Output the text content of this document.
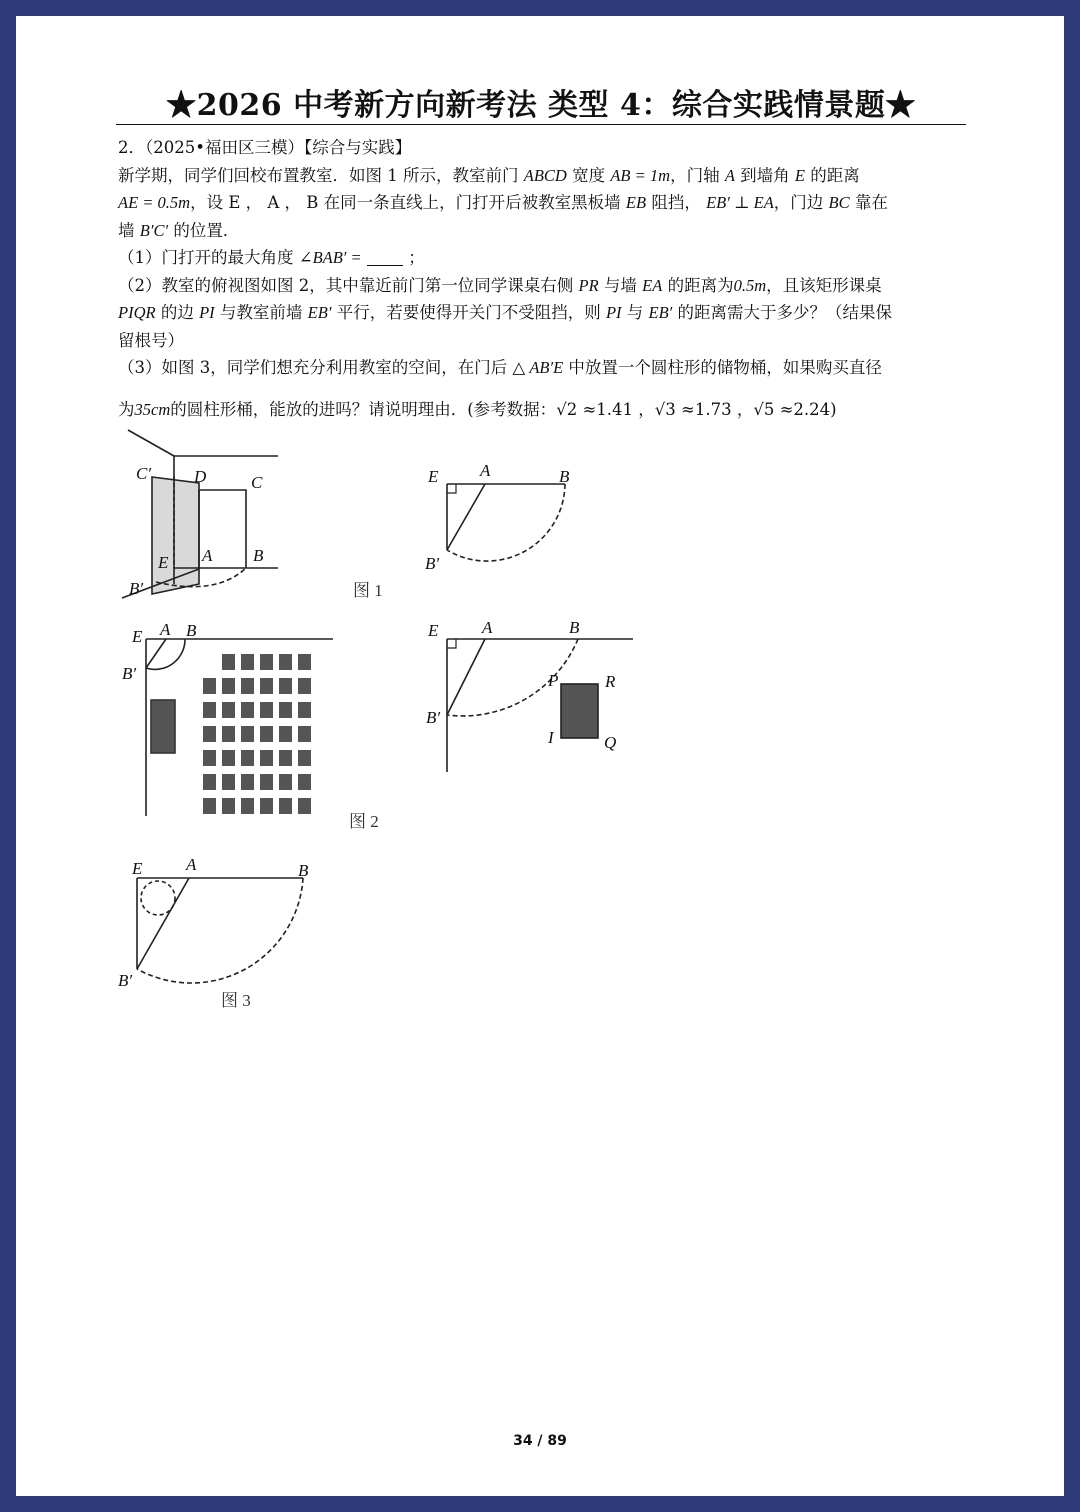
★2026 中考新方向新考法 类型 4：综合实践情景题★

2．（2025•福田区三模）【综合与实践】

新学期，同学们回校布置教室．如图 1 所示，教室前门 ABCD 宽度 AB = 1m，门轴 A 到墙角 E 的距离
AE = 0.5m，设 E ， A ， B 在同一条直线上，门打开后被教室黑板墙 EB 阻挡， EB′ ⊥ EA，门边 BC 靠在
墙 B′C′ 的位置．

（1）门打开的最大角度 ∠BAB′ =	；

（2）教室的俯视图如图 2，其中靠近前门第一位同学课桌右侧 PR 与墙 EA 的距离为0.5m，且该矩形课桌
PIQR 的边 PI 与教室前墙 EB′ 平行，若要使得开关门不受阻挡，则 PI 与 EB′ 的距离需大于多少？（结果保
留根号）

（3）如图 3，同学们想充分利用教室的空间，在门后 △ AB′E 中放置一个圆柱形的储物桶，如果购买直径
为35cm的圆柱形桶，能放的进吗？请说明理由．(参考数据：√2 ≈1.41 ，√3 ≈1.73 ，√5 ≈2.24)

C′	D	C
A B
E
B′
E A	B
B′
图 1
E A B
B′
E	A	B
B′
P	R
I	Q
图 2
E	A	B
B′
图 3
34 / 89
